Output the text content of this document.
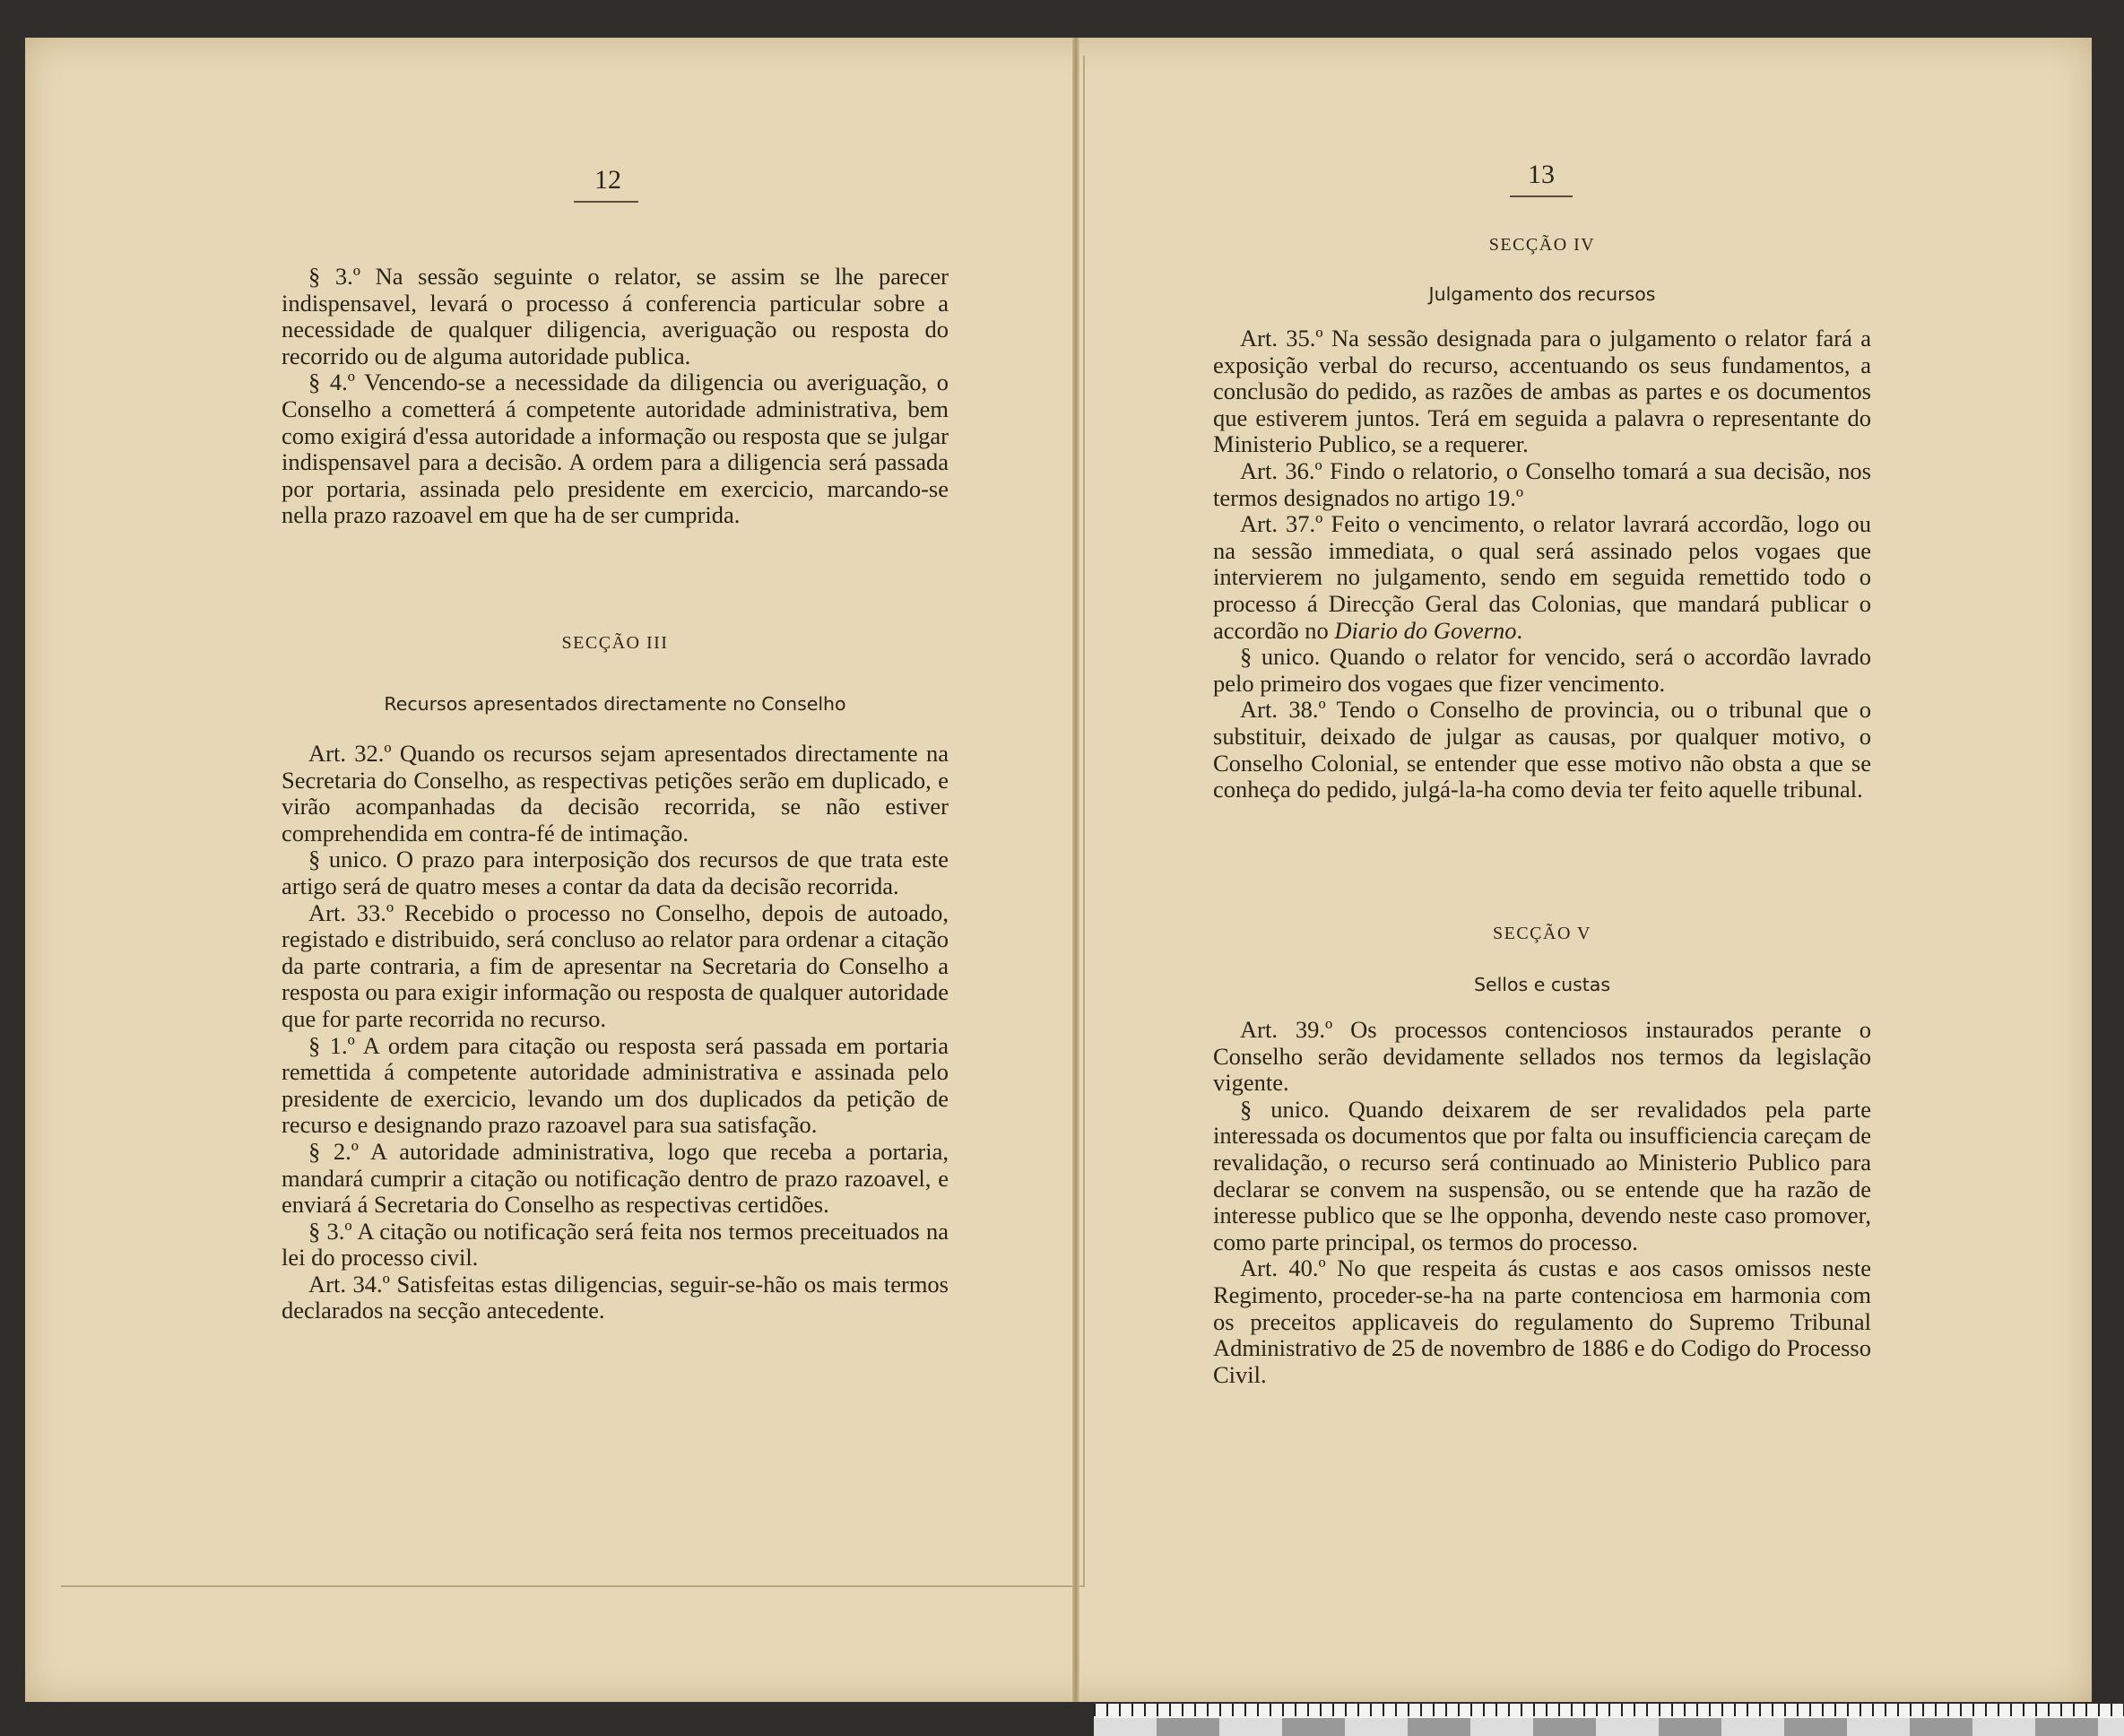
12

§ 3.º Na sessão seguinte o relator, se assim se lhe parecer indispensavel, levará o processo á conferencia particular sobre a necessidade de qualquer diligencia, averiguação ou resposta do recorrido ou de alguma autoridade publica.

§ 4.º Vencendo-se a necessidade da diligencia ou averiguação, o Conselho a cometterá á competente autoridade administrativa, bem como exigirá d'essa autoridade a informação ou resposta que se julgar indispensavel para a decisão. A ordem para a diligencia será passada por portaria, assinada pelo presidente em exercicio, marcando-se nella prazo razoavel em que ha de ser cumprida.

SECÇÃO III
Recursos apresentados directamente no Conselho

Art. 32.º Quando os recursos sejam apresentados directamente na Secretaria do Conselho, as respectivas petições serão em duplicado, e virão acompanhadas da decisão recorrida, se não estiver comprehendida em contra-fé de intimação.

§ unico. O prazo para interposição dos recursos de que trata este artigo será de quatro meses a contar da data da decisão recorrida.

Art. 33.º Recebido o processo no Conselho, depois de autoado, registado e distribuido, será concluso ao relator para ordenar a citação da parte contraria, a fim de apresentar na Secretaria do Conselho a resposta ou para exigir informação ou resposta de qualquer autoridade que for parte recorrida no recurso.

§ 1.º A ordem para citação ou resposta será passada em portaria remettida á competente autoridade administrativa e assinada pelo presidente de exercicio, levando um dos duplicados da petição de recurso e designando prazo razoavel para sua satisfação.

§ 2.º A autoridade administrativa, logo que receba a portaria, mandará cumprir a citação ou notificação dentro de prazo razoavel, e enviará á Secretaria do Conselho as respectivas certidões.

§ 3.º A citação ou notificação será feita nos termos preceituados na lei do processo civil.

Art. 34.º Satisfeitas estas diligencias, seguir-se-hão os mais termos declarados na secção antecedente.

13
SECÇÃO IV
Julgamento dos recursos

Art. 35.º Na sessão designada para o julgamento o relator fará a exposição verbal do recurso, accentuando os seus fundamentos, a conclusão do pedido, as razões de ambas as partes e os documentos que estiverem juntos. Terá em seguida a palavra o representante do Ministerio Publico, se a requerer.

Art. 36.º Findo o relatorio, o Conselho tomará a sua decisão, nos termos designados no artigo 19.º

Art. 37.º Feito o vencimento, o relator lavrará accordão, logo ou na sessão immediata, o qual será assinado pelos vogaes que intervierem no julgamento, sendo em seguida remettido todo o processo á Direcção Geral das Colonias, que mandará publicar o accordão no Diario do Governo.

§ unico. Quando o relator for vencido, será o accordão lavrado pelo primeiro dos vogaes que fizer vencimento.

Art. 38.º Tendo o Conselho de provincia, ou o tribunal que o substituir, deixado de julgar as causas, por qualquer motivo, o Conselho Colonial, se entender que esse motivo não obsta a que se conheça do pedido, julgá-la-ha como devia ter feito aquelle tribunal.

SECÇÃO V
Sellos e custas

Art. 39.º Os processos contenciosos instaurados perante o Conselho serão devidamente sellados nos termos da legislação vigente.

§ unico. Quando deixarem de ser revalidados pela parte interessada os documentos que por falta ou insufficiencia careçam de revalidação, o recurso será continuado ao Ministerio Publico para declarar se convem na suspensão, ou se entende que ha razão de interesse publico que se lhe opponha, devendo neste caso promover, como parte principal, os termos do processo.

Art. 40.º No que respeita ás custas e aos casos omissos neste Regimento, proceder-se-ha na parte contenciosa em harmonia com os preceitos applicaveis do regulamento do Supremo Tribunal Administrativo de 25 de novembro de 1886 e do Codigo do Processo Civil.
